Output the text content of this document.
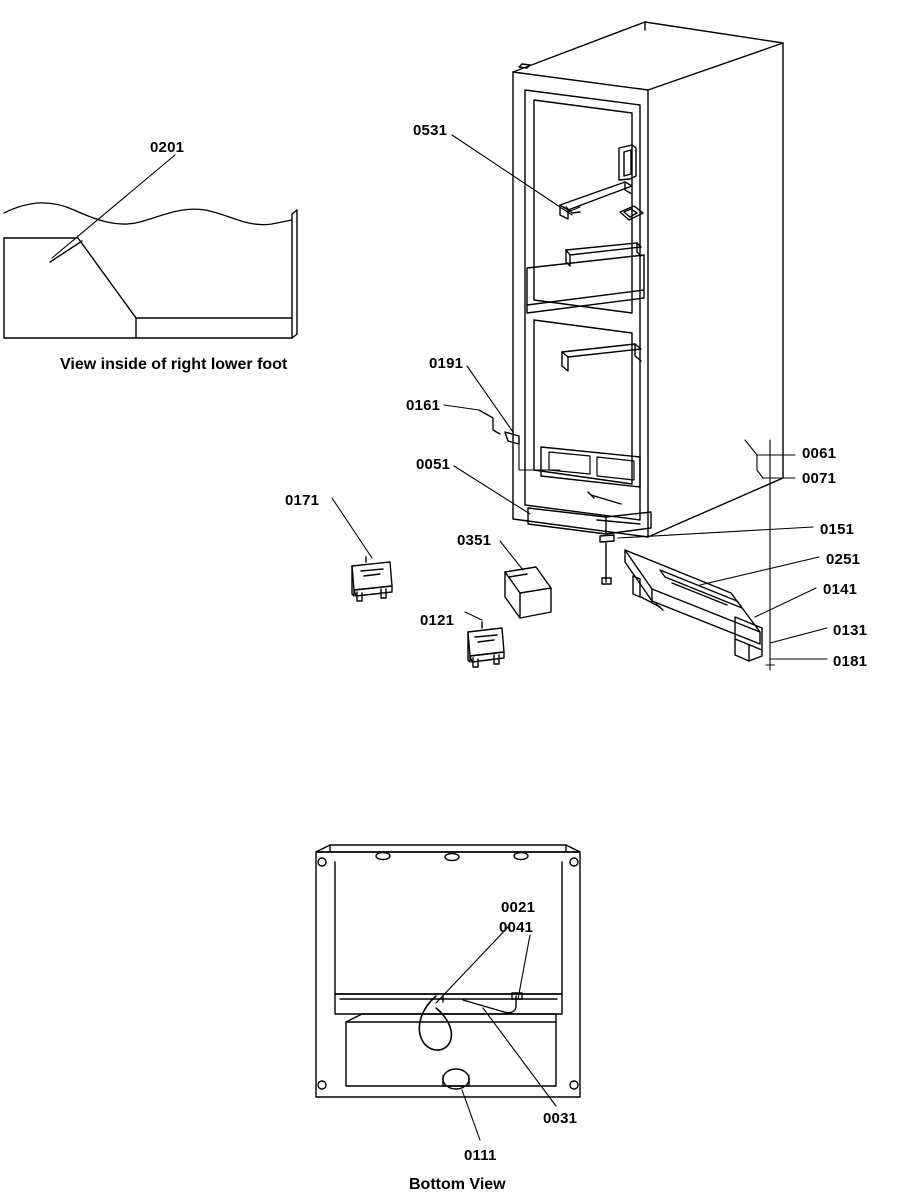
0201
0531
0191
0161
0051
0171
0351
0121
0061
0071
0151
0251
0141
0131
0181
0021
0041
0031
0111
View inside of right lower foot
Bottom View
